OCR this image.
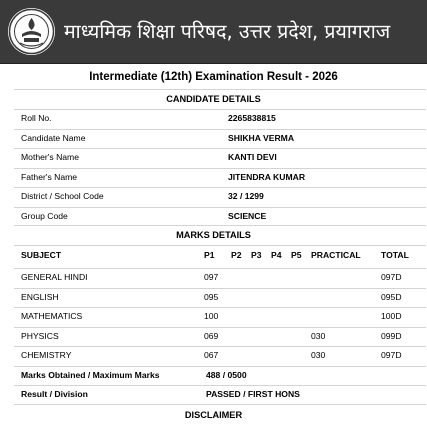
माध्यमिक शिक्षा परिषद, उत्तर प्रदेश, प्रयागराज
Intermediate (12th) Examination Result - 2026
CANDIDATE DETAILS
Roll No.	2265838815
Candidate Name	SHIKHA VERMA
Mother's Name	KANTI DEVI
Father's Name	JITENDRA KUMAR
District / School Code	32 / 1299
Group Code	SCIENCE
MARKS DETAILS
SUBJECT	P1 P2 P3 P4 P5 PRACTICAL TOTAL
GENERAL HINDI	097	097D
ENGLISH	095	095D
MATHEMATICS	100	100D
PHYSICS	069	030	099D
CHEMISTRY	067	030	097D
Marks Obtained / Maximum Marks	488 / 0500
Result / Division	PASSED / FIRST HONS
DISCLAIMER
